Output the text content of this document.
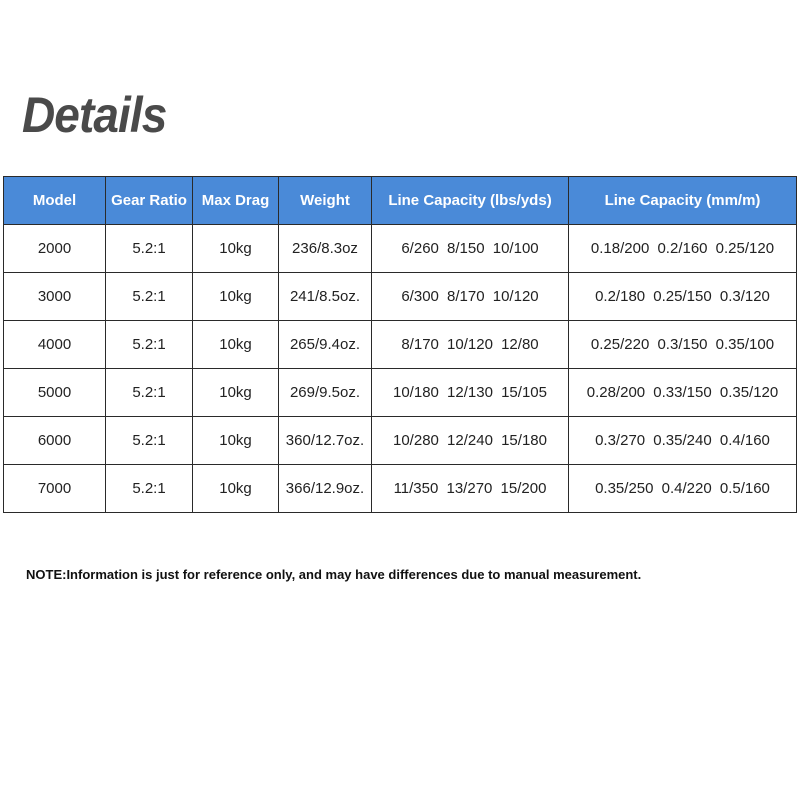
Details
Model	Gear Ratio	Max Drag	Weight	Line Capacity (lbs/yds)	Line Capacity (mm/m)
2000	5.2:1	10kg	236/8.3oz	6/260 8/150 10/100	0.18/200 0.2/160 0.25/120
3000	5.2:1	10kg	241/8.5oz.	6/300 8/170 10/120	0.2/180 0.25/150 0.3/120
4000	5.2:1	10kg	265/9.4oz.	8/170 10/120 12/80	0.25/220 0.3/150 0.35/100
5000	5.2:1	10kg	269/9.5oz.	10/180 12/130 15/105	0.28/200 0.33/150 0.35/120
6000	5.2:1	10kg	360/12.7oz.	10/280 12/240 15/180	0.3/270 0.35/240 0.4/160
7000	5.2:1	10kg	366/12.9oz.	11/350 13/270 15/200	0.35/250 0.4/220 0.5/160
NOTE:Information is just for reference only, and may have differences due to manual measurement.
